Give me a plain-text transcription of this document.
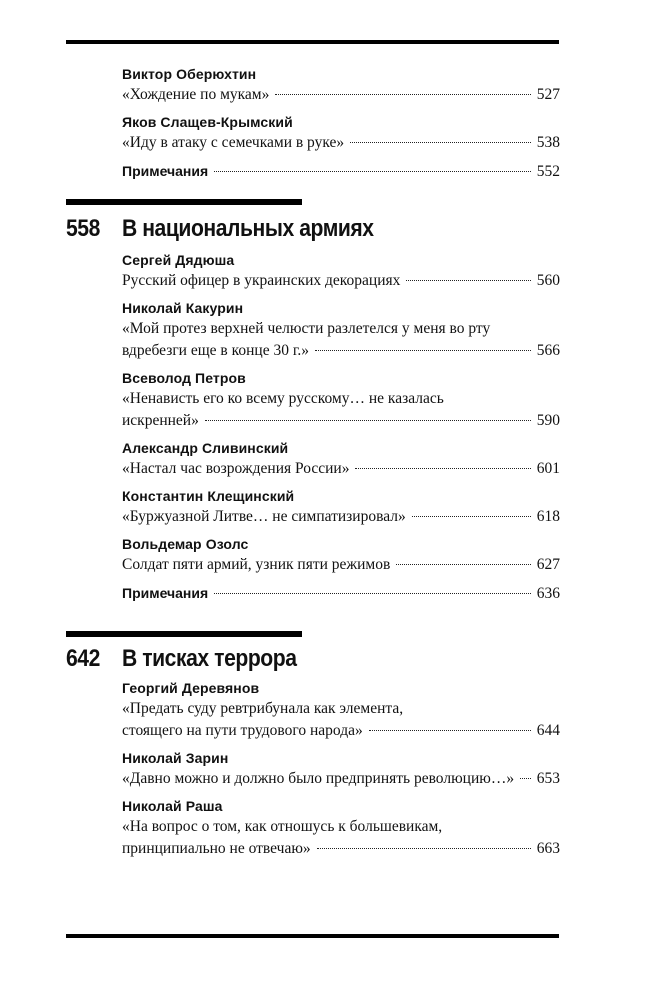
Виктор Оберюхтин

«Хождение по мукам»	527

Яков Слащев-Крымский

«Иду в атаку с семечками в руке»	538

Примечания	552
558 В национальных армиях

Сергей Дядюша

Русский офицер в украинских декорациях	560

Николай Какурин

«Мой протез верхней челюсти разлетелся у меня во рту

вдребезги еще в конце 30 г.»	566

Всеволод Петров

«Ненависть его ко всему русскому… не казалась

искренней»	590

Александр Сливинский

«Настал час возрождения России»	601

Константин Клещинский

«Буржуазной Литве… не симпатизировал»	618

Вольдемар Озолс

Солдат пяти армий, узник пяти режимов	627

Примечания	636
642 В тисках террора

Георгий Деревянов

«Предать суду ревтрибунала как элемента,

стоящего на пути трудового народа»	644

Николай Зарин

«Давно можно и должно было предпринять революцию…» 653

Николай Раша

«На вопрос о том, как отношусь к большевикам,

принципиально не отвечаю»	663
